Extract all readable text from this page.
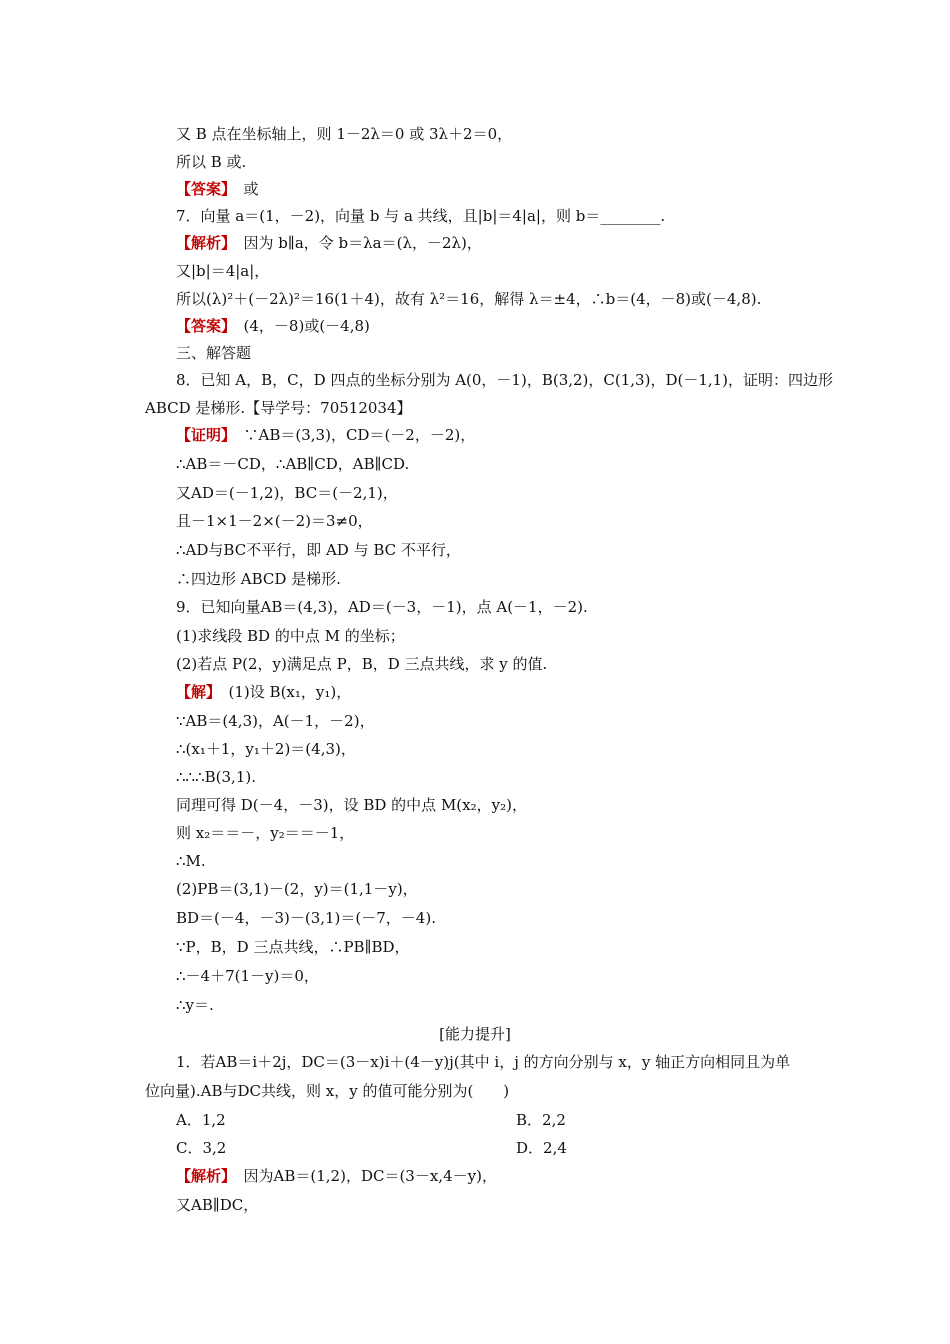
又 B 点在坐标轴上，则 1－2λ＝0 或 3λ＋2＝0，
所以 B 或.
【答案】　 或
7．向量 a＝(1，－2)，向量 b 与 a 共线，且|b|＝4|a|，则 b＝________.
【解析】　 因为 b∥a，令 b＝λa＝(λ，－2λ)，
又|b|＝4|a|，
所以(λ)²＋(－2λ)²＝16(1＋4)，故有 λ²＝16，解得 λ＝±4，∴b＝(4，－8)或(－4,8).
【答案】　 (4，－8)或(－4,8)
三、解答题
8．已知 A，B，C，D 四点的坐标分别为 A(0，－1)，B(3,2)，C(1,3)，D(－1,1)，证明：四边形
ABCD 是梯形.【导学号：70512034】
【证明】　 ∵AB＝(3,3)，CD＝(－2，－2)，
∴AB＝－CD，∴AB∥CD，AB∥CD.
又AD＝(－1,2)，BC＝(－2,1)，
且－1×1－2×(－2)＝3≠0，
∴AD与BC不平行，即 AD 与 BC 不平行，
∴四边形 ABCD 是梯形.
9．已知向量AB＝(4,3)，AD＝(－3，－1)，点 A(－1，－2).
(1)求线段 BD 的中点 M 的坐标；
(2)若点 P(2，y)满足点 P，B，D 三点共线，求 y 的值.
【解】　 (1)设 B(x₁，y₁)，
∵AB＝(4,3)，A(－1，－2)，
∴(x₁＋1，y₁＋2)＝(4,3)，
∴∴∴B(3,1).
同理可得 D(－4，－3)，设 BD 的中点 M(x₂，y₂)，
则 x₂＝＝－，y₂＝＝－1，
∴M.
(2)PB＝(3,1)－(2，y)＝(1,1－y)，
BD＝(－4，－3)－(3,1)＝(－7，－4).
∵P，B，D 三点共线，∴PB∥BD，
∴－4＋7(1－y)＝0，
∴y＝.
[能力提升]
1．若AB＝i＋2j，DC＝(3－x)i＋(4－y)j(其中 i，j 的方向分别与 x，y 轴正方向相同且为单
位向量).AB与DC共线，则 x，y 的值可能分别为(　　)
A．1,2	B．2,2
C．3,2	D．2,4
【解析】　 因为AB＝(1,2)，DC＝(3－x,4－y)，
又AB∥DC，
